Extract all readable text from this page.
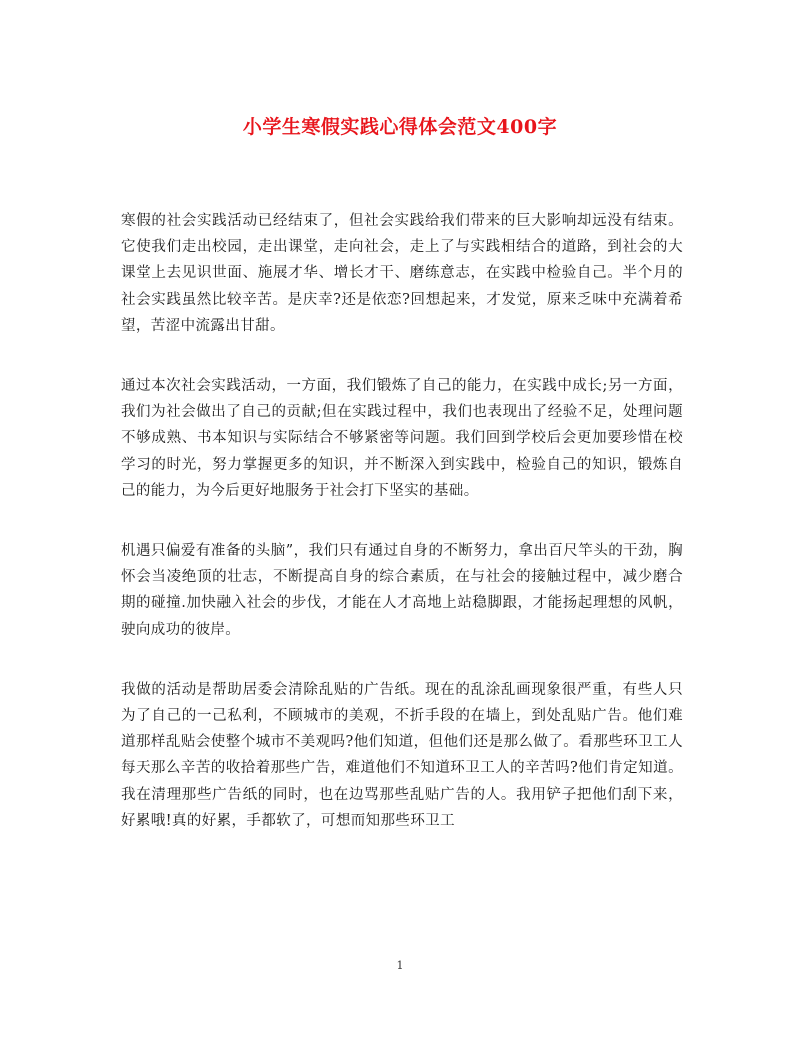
小学生寒假实践心得体会范文400字

寒假的社会实践活动已经结束了，但社会实践给我们带来的巨大影响却远没有结束。它使我们走出校园，走出课堂，走向社会，走上了与实践相结合的道路，到社会的大课堂上去见识世面、施展才华、增长才干、磨练意志，在实践中检验自己。半个月的社会实践虽然比较辛苦。是庆幸?还是依恋?回想起来，才发觉，原来乏味中充满着希望，苦涩中流露出甘甜。

通过本次社会实践活动，一方面，我们锻炼了自己的能力，在实践中成长;另一方面，我们为社会做出了自己的贡献;但在实践过程中，我们也表现出了经验不足，处理问题不够成熟、书本知识与实际结合不够紧密等问题。我们回到学校后会更加要珍惜在校学习的时光，努力掌握更多的知识，并不断深入到实践中，检验自己的知识，锻炼自己的能力，为今后更好地服务于社会打下坚实的基础。

机遇只偏爱有准备的头脑”，我们只有通过自身的不断努力，拿出百尺竿头的干劲，胸怀会当凌绝顶的壮志，不断提高自身的综合素质，在与社会的接触过程中，减少磨合期的碰撞.加快融入社会的步伐，才能在人才高地上站稳脚跟，才能扬起理想的风帆，驶向成功的彼岸。

我做的活动是帮助居委会清除乱贴的广告纸。现在的乱涂乱画现象很严重，有些人只为了自己的一己私利，不顾城市的美观，不折手段的在墙上，到处乱贴广告。他们难道那样乱贴会使整个城市不美观吗?他们知道，但他们还是那么做了。看那些环卫工人每天那么辛苦的收拾着那些广告，难道他们不知道环卫工人的辛苦吗?他们肯定知道。我在清理那些广告纸的同时，也在边骂那些乱贴广告的人。我用铲子把他们刮下来，好累哦!真的好累，手都软了，可想而知那些环卫工

1
